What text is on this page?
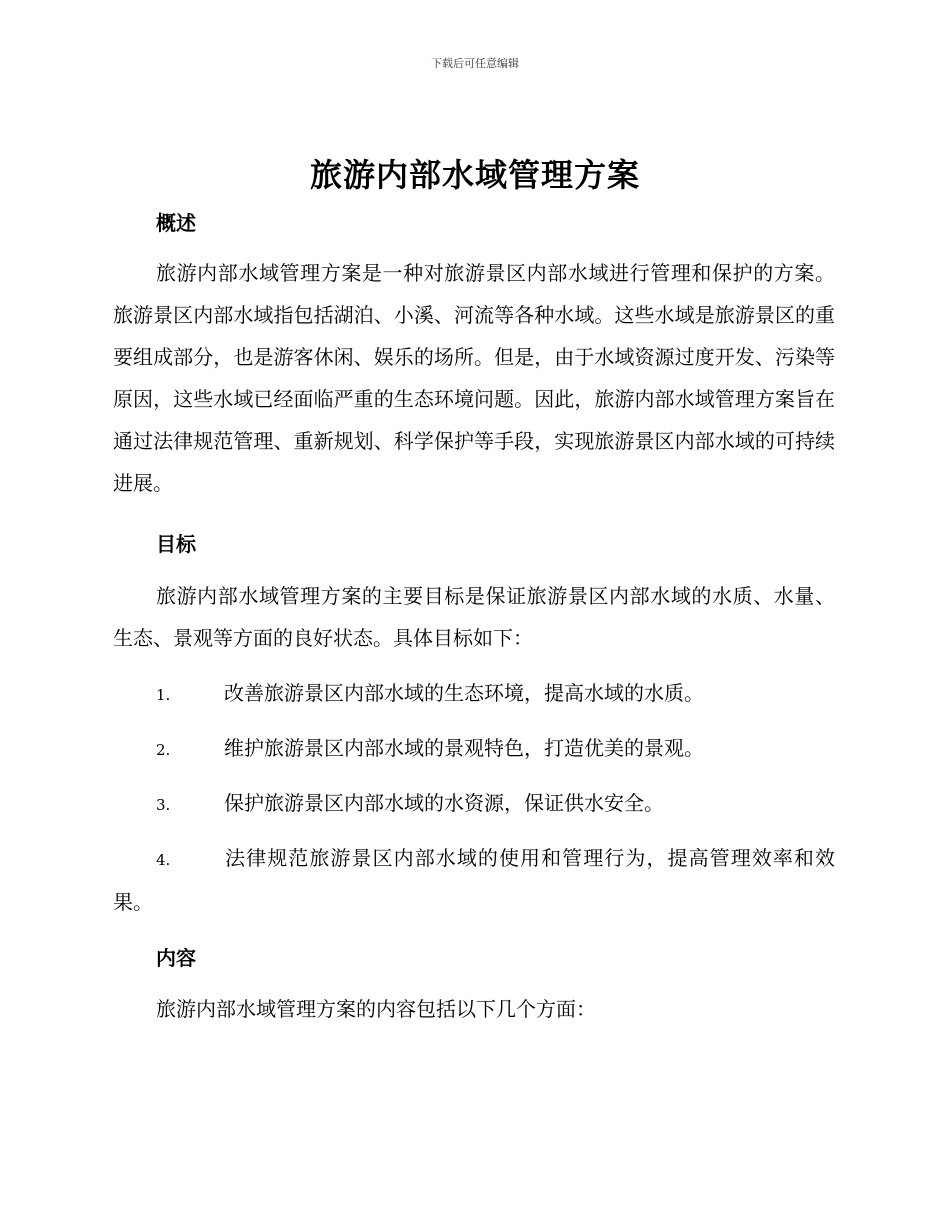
下载后可任意编辑
旅游内部水域管理方案
概述
旅游内部水域管理方案是一种对旅游景区内部水域进行管理和保护的方案。旅游景区内部水域指包括湖泊、小溪、河流等各种水域。这些水域是旅游景区的重要组成部分，也是游客休闲、娱乐的场所。但是，由于水域资源过度开发、污染等原因，这些水域已经面临严重的生态环境问题。因此，旅游内部水域管理方案旨在通过法律规范管理、重新规划、科学保护等手段，实现旅游景区内部水域的可持续进展。
目标
旅游内部水域管理方案的主要目标是保证旅游景区内部水域的水质、水量、生态、景观等方面的良好状态。具体目标如下：
1.	改善旅游景区内部水域的生态环境，提高水域的水质。
2.	维护旅游景区内部水域的景观特色，打造优美的景观。
3.	保护旅游景区内部水域的水资源，保证供水安全。
4.	法律规范旅游景区内部水域的使用和管理行为，提高管理效率和效果。
内容
旅游内部水域管理方案的内容包括以下几个方面：
